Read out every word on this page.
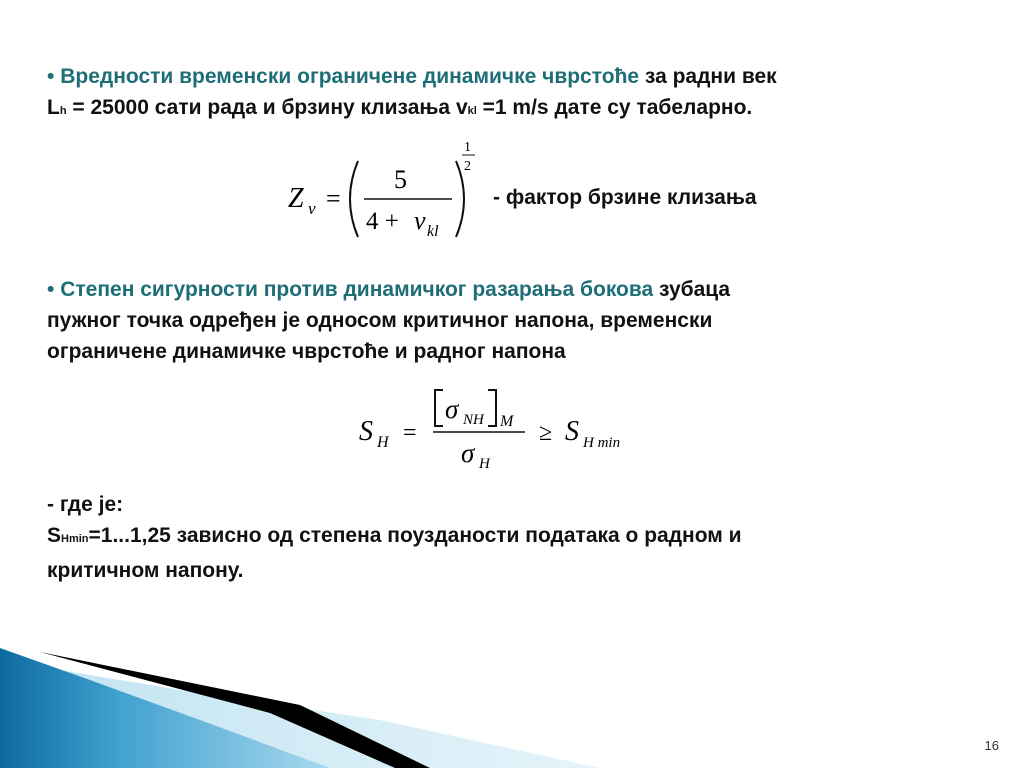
• Вредности временски ограничене динамичке чврстоће за радни век
Lh = 25000 сати рада и брзину клизања vkl =1 m/s дате су табеларно.
Z v =
5
4 + v kl
1
2
- фактор брзине клизања
• Степен сигурности против динамичког разарања бокова зубаца
пужног точка одређен је односом критичног напона, временски
ограничене динамичке чврстоће и радног напона
S H =
σ NH M
σ H
≥ S H min
- где је:
SHmin=1...1,25 зависно од степена поузданости података о радном и
критичном напону.
16
